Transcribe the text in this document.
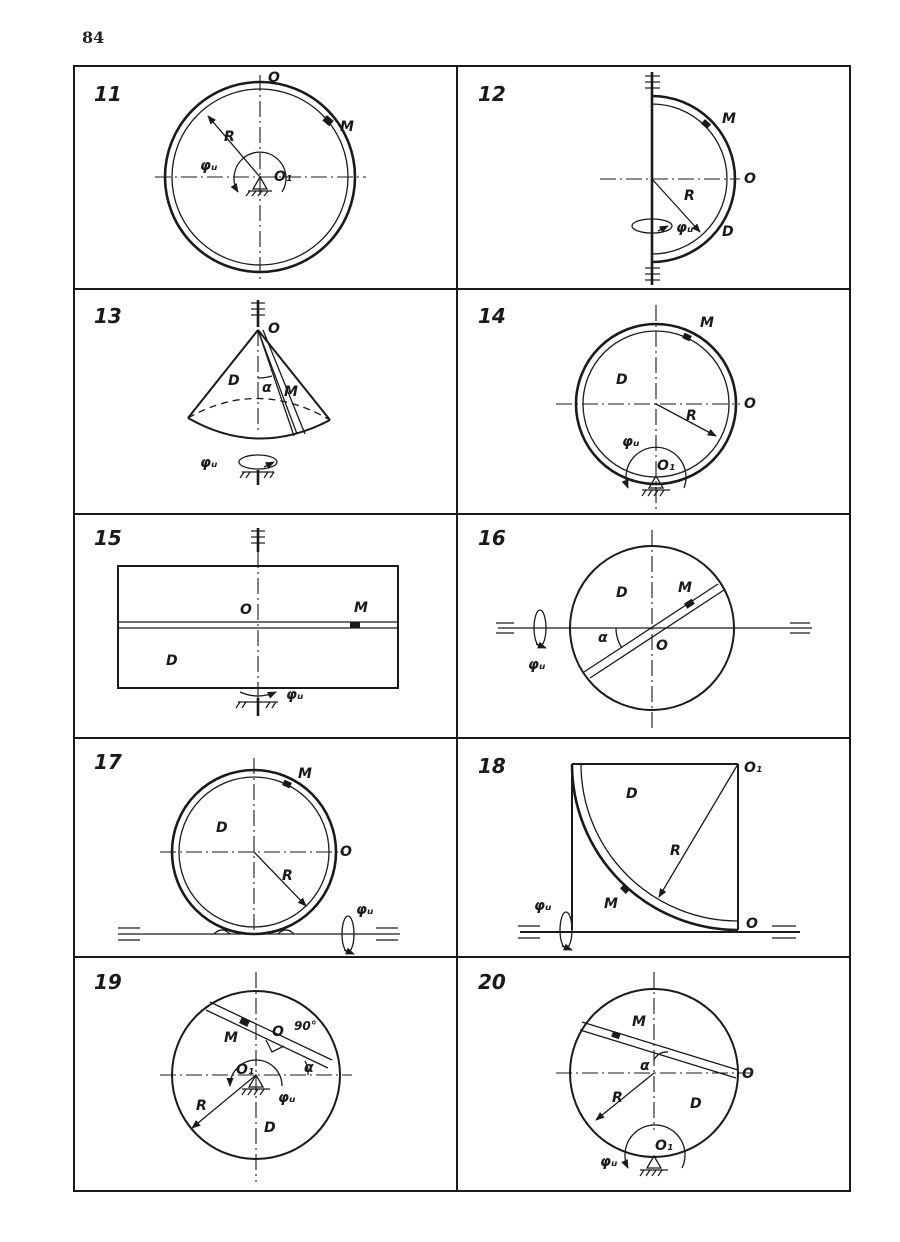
84
11
O
M
R
O₁
φᵤ
12
M
O
R
D
φᵤ
13
O
M
D α
φᵤ
14	M
D
O
R
O₁
φᵤ
15
O	M
D
φᵤ
16
D	M
O
α
φᵤ
17	M
D
O
R
φᵤ
18	O₁
D
R
M
O
φᵤ
19
M O 90°
α
O₁
R	φᵤ
D
20
M
O
α
R	D
O₁
φᵤ
